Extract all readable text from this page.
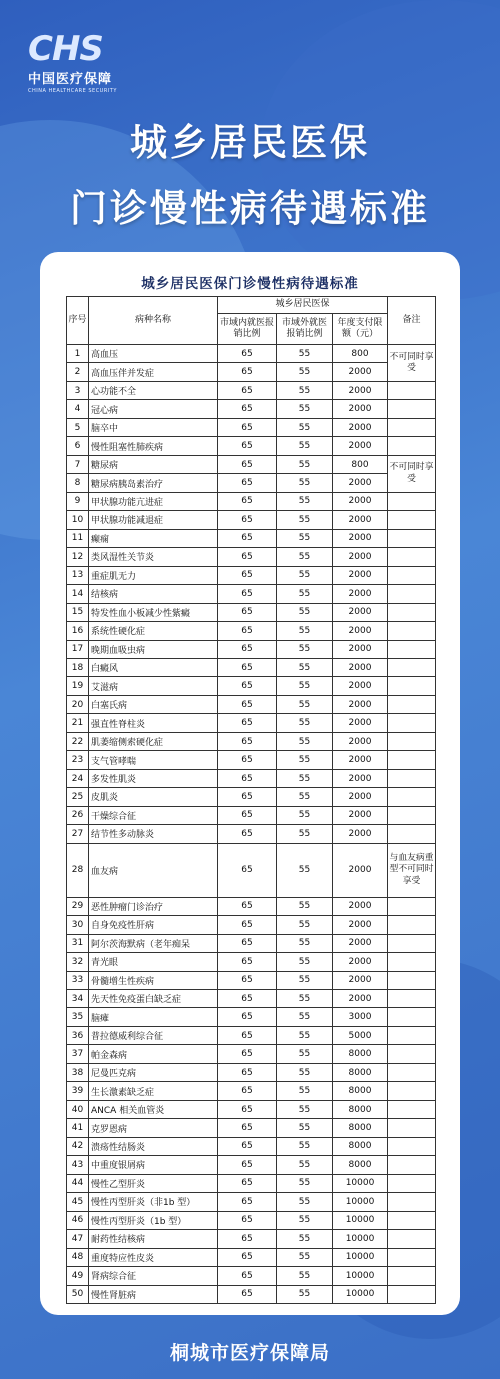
CHS
中国医疗保障
CHINA HEALTHCARE SECURITY
城乡居民医保
门诊慢性病待遇标准
城乡居民医保门诊慢性病待遇标准
序号	病种名称	城乡居民医保			备注
		市域内就医报销比例	市域外就医报销比例	年度支付限额（元）	
1	高血压	65	55	800	不可同时享受
2	高血压伴并发症	65	55	2000	
3	心功能不全	65	55	2000	
4	冠心病	65	55	2000	
5	脑卒中	65	55	2000	
6	慢性阻塞性肺疾病	65	55	2000	
7	糖尿病	65	55	800	不可同时享受
8	糖尿病胰岛素治疗	65	55	2000	
9	甲状腺功能亢进症	65	55	2000	
10	甲状腺功能减退症	65	55	2000	
11	癫痫	65	55	2000	
12	类风湿性关节炎	65	55	2000	
13	重症肌无力	65	55	2000	
14	结核病	65	55	2000	
15	特发性血小板减少性紫癜	65	55	2000	
16	系统性硬化症	65	55	2000	
17	晚期血吸虫病	65	55	2000	
18	白癜风	65	55	2000	
19	艾滋病	65	55	2000	
20	白塞氏病	65	55	2000	
21	强直性脊柱炎	65	55	2000	
22	肌萎缩侧索硬化症	65	55	2000	
23	支气管哮喘	65	55	2000	
24	多发性肌炎	65	55	2000	
25	皮肌炎	65	55	2000	
26	干燥综合征	65	55	2000	
27	结节性多动脉炎	65	55	2000	
28	血友病	65	55	2000	与血友病重型不可同时享受
29	恶性肿瘤门诊治疗	65	55	2000	
30	自身免疫性肝病	65	55	2000	
31	阿尔茨海默病（老年痴呆	65	55	2000	
32	青光眼	65	55	2000	
33	骨髓增生性疾病	65	55	2000	
34	先天性免疫蛋白缺乏症	65	55	2000	
35	脑瘫	65	55	3000	
36	普拉德威利综合征	65	55	5000	
37	帕金森病	65	55	8000	
38	尼曼匹克病	65	55	8000	
39	生长激素缺乏症	65	55	8000	
40	ANCA 相关血管炎	65	55	8000	
41	克罗恩病	65	55	8000	
42	溃疡性结肠炎	65	55	8000	
43	中重度银屑病	65	55	8000	
44	慢性乙型肝炎	65	55	10000	
45	慢性丙型肝炎（非1b 型）	65	55	10000	
46	慢性丙型肝炎（1b 型）	65	55	10000	
47	耐药性结核病	65	55	10000	
48	重度特应性皮炎	65	55	10000	
49	肾病综合征	65	55	10000	
50	慢性肾脏病	65	55	10000	
桐城市医疗保障局
